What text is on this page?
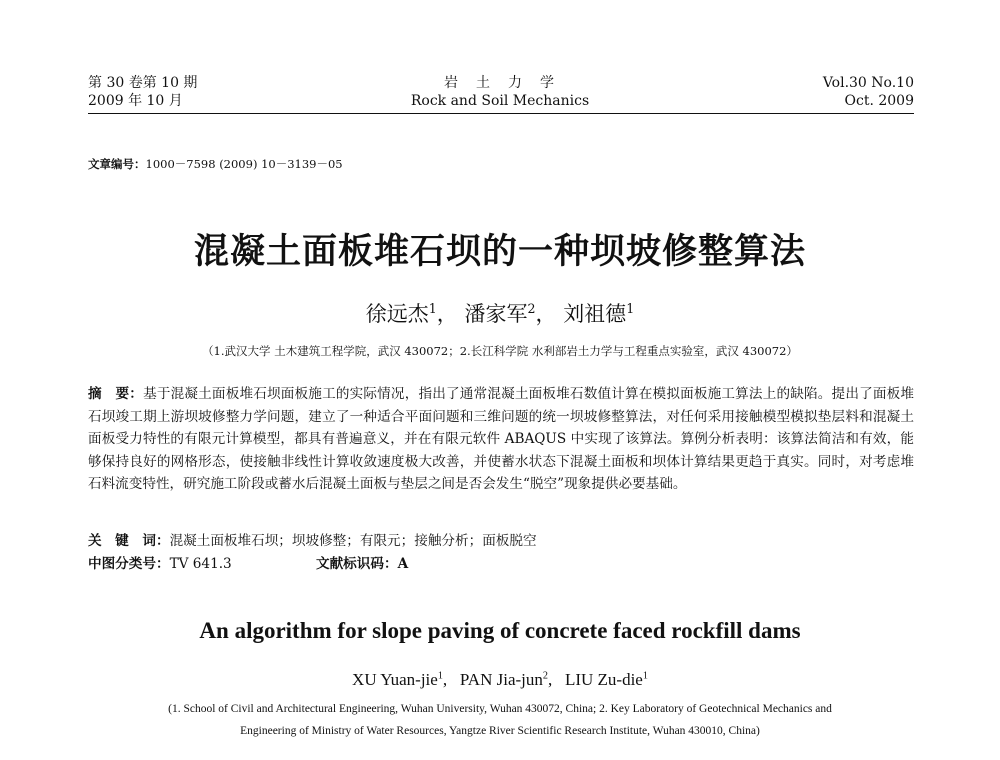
第 30 卷第 10 期
2009 年 10 月
岩　土　力　学
Rock and Soil Mechanics
Vol.30 No.10
Oct. 2009
文章编号：1000－7598 (2009) 10－3139－05
混凝土面板堆石坝的一种坝坡修整算法
徐远杰$^1$， 潘家军$^2$， 刘祖德$^1$
（1.武汉大学 土木建筑工程学院，武汉 430072；2.长江科学院 水利部岩土力学与工程重点实验室，武汉 430072）
摘　要：基于混凝土面板堆石坝面板施工的实际情况，指出了通常混凝土面板堆石数值计算在模拟面板施工算法上的缺陷。提出了面板堆石坝竣工期上游坝坡修整力学问题，建立了一种适合平面问题和三维问题的统一坝坡修整算法，对任何采用接触模型模拟垫层料和混凝土面板受力特性的有限元计算模型，都具有普遍意义，并在有限元软件 ABAQUS 中实现了该算法。算例分析表明：该算法简洁和有效，能够保持良好的网格形态，使接触非线性计算收敛速度极大改善，并使蓄水状态下混凝土面板和坝体计算结果更趋于真实。同时，对考虑堆石料流变特性，研究施工阶段或蓄水后混凝土面板与垫层之间是否会发生“脱空”现象提供必要基础。
关　键　词：混凝土面板堆石坝；坝坡修整；有限元；接触分析；面板脱空
中图分类号：TV 641.3	文献标识码：A
An algorithm for slope paving of concrete faced rockfill dams
XU Yuan-jie$^1$,   PAN Jia-jun$^2$,   LIU Zu-die$^1$
(1. School of Civil and Architectural Engineering, Wuhan University, Wuhan 430072, China; 2. Key Laboratory of Geotechnical Mechanics and
Engineering of Ministry of Water Resources, Yangtze River Scientific Research Institute, Wuhan 430010, China)
